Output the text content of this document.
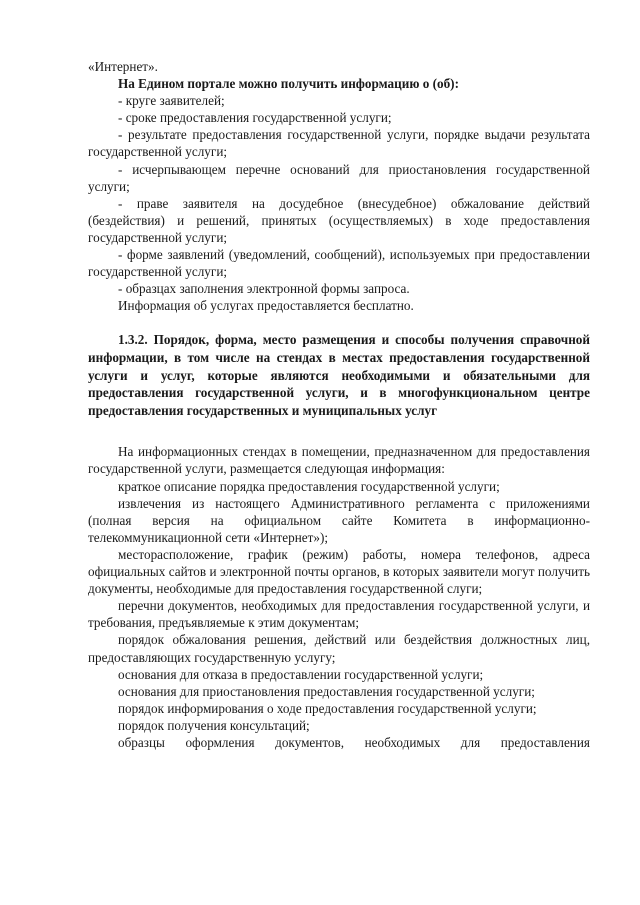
«Интернет».

На Едином портале можно получить информацию о (об):

- круге заявителей;

- сроке предоставления государственной услуги;

- результате предоставления государственной услуги, порядке выдачи результата государственной услуги;

- исчерпывающем перечне оснований для приостановления государственной услуги;

- праве заявителя на досудебное (внесудебное) обжалование действий (бездействия) и решений, принятых (осуществляемых) в ходе предоставления государственной услуги;

- форме заявлений (уведомлений, сообщений), используемых при предоставлении государственной услуги;

- образцах заполнения электронной формы запроса.

Информация об услугах предоставляется бесплатно.

1.3.2. Порядок, форма, место размещения и способы получения справочной информации, в том числе на стендах в местах предоставления государственной услуги и услуг, которые являются необходимыми и обязательными для предоставления государственной услуги, и в многофункциональном центре предоставления государственных и муниципальных услуг

На информационных стендах в помещении, предназначенном для предоставления государственной услуги, размещается следующая информация:

краткое описание порядка предоставления государственной услуги;

извлечения из настоящего Административного регламента с приложениями (полная версия на официальном сайте Комитета в информационно-телекоммуникационной сети «Интернет»);

месторасположение, график (режим) работы, номера телефонов, адреса официальных сайтов и электронной почты органов, в которых заявители могут получить документы, необходимые для предоставления государственной слуги;

перечни документов, необходимых для предоставления государственной услуги, и требования, предъявляемые к этим документам;

порядок обжалования решения, действий или бездействия должностных лиц, предоставляющих государственную услугу;

основания для отказа в предоставлении государственной услуги;

основания для приостановления предоставления государственной услуги;

порядок информирования о ходе предоставления государственной услуги;

порядок получения консультаций;

образцы оформления документов, необходимых для предоставления
